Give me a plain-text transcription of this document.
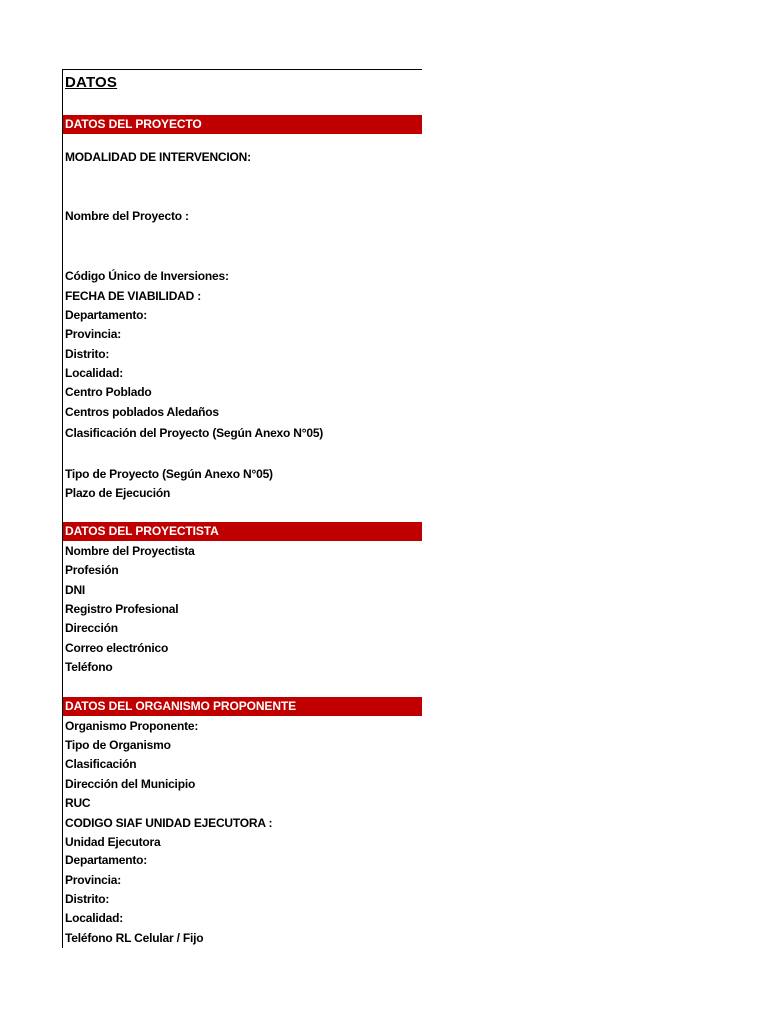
DATOS
DATOS DEL PROYECTO
MODALIDAD DE INTERVENCION:
Nombre del Proyecto :
Código Único de Inversiones:
FECHA DE VIABILIDAD :
Departamento:
Provincia:
Distrito:
Localidad:
Centro Poblado
Centros poblados Aledaños
Clasificación del Proyecto (Según Anexo N°05)
Tipo de Proyecto (Según Anexo N°05)
Plazo de Ejecución
DATOS DEL PROYECTISTA
Nombre del Proyectista
Profesión
DNI
Registro Profesional
Dirección
Correo electrónico
Teléfono
DATOS DEL ORGANISMO PROPONENTE
Organismo Proponente:
Tipo de Organismo
Clasificación
Dirección del Municipio
RUC
CODIGO SIAF UNIDAD EJECUTORA :
Unidad Ejecutora
Departamento:
Provincia:
Distrito:
Localidad:
Teléfono RL Celular / Fijo
